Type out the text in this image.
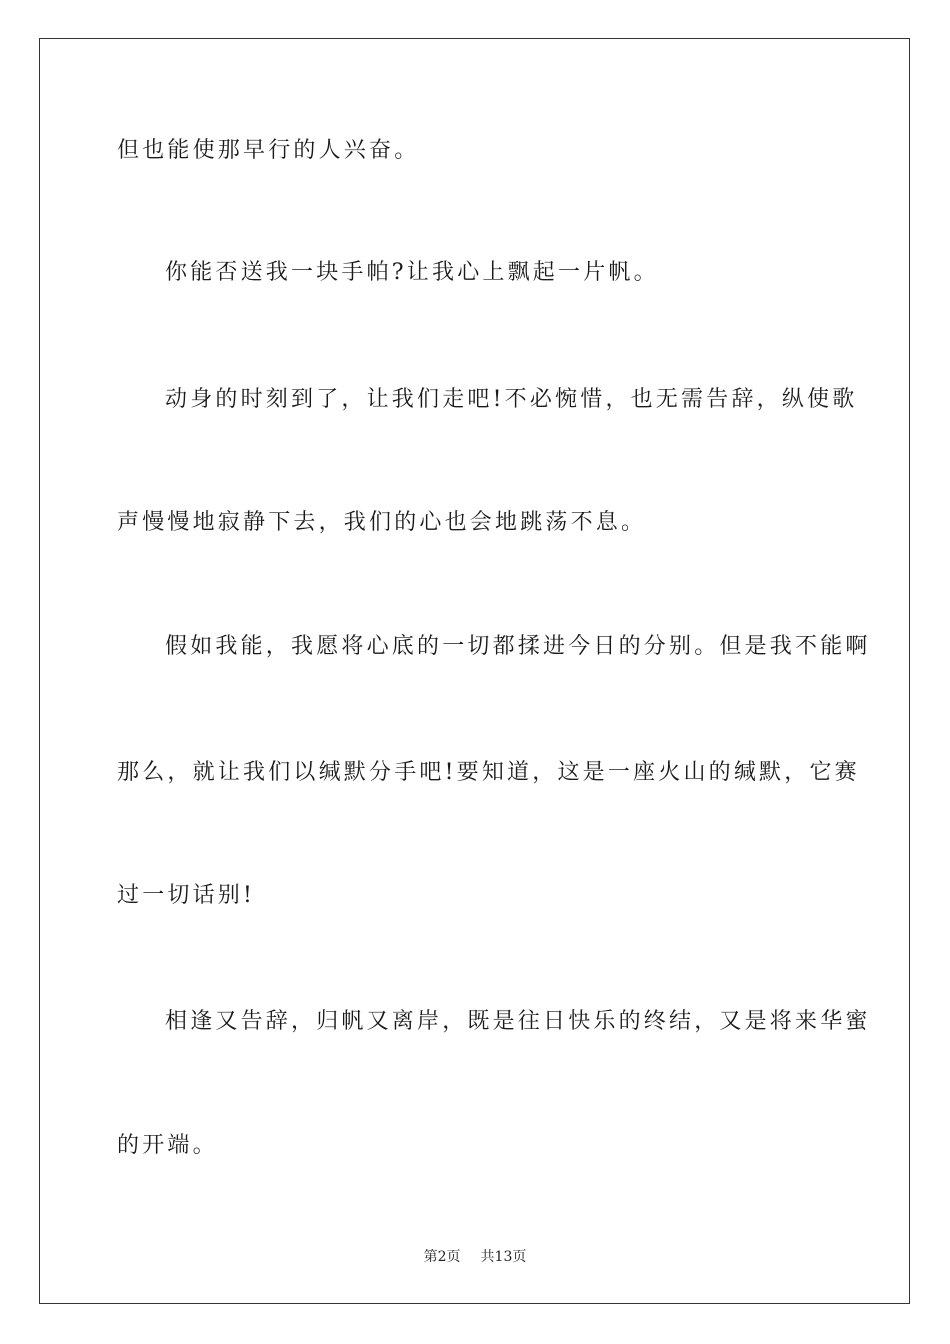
但也能使那早行的人兴奋。
你能否送我一块手帕?让我心上飘起一片帆。
动身的时刻到了，让我们走吧!不必惋惜，也无需告辞，纵使歌
声慢慢地寂静下去，我们的心也会地跳荡不息。
假如我能，我愿将心底的一切都揉进今日的分别。但是我不能啊
那么，就让我们以缄默分手吧!要知道，这是一座火山的缄默，它赛
过一切话别!
相逢又告辞，归帆又离岸，既是往日快乐的终结，又是将来华蜜
的开端。
第2页 共13页
